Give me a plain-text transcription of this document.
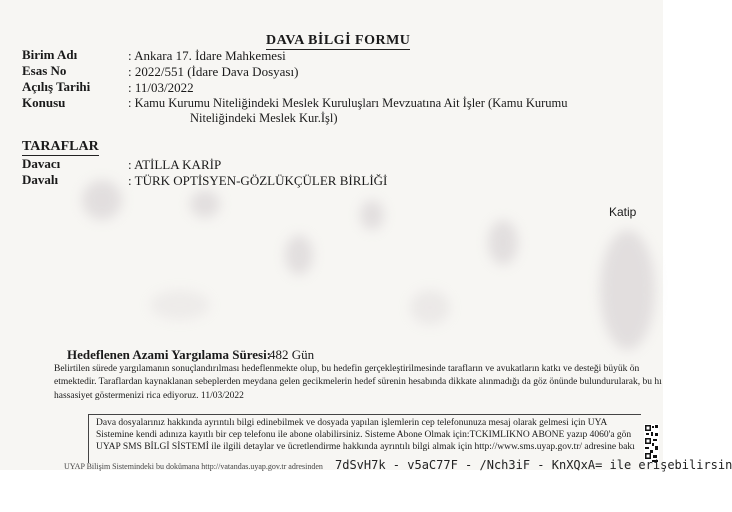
DAVA BİLGİ FORMU
Birim Adı	: Ankara 17. İdare Mahkemesi
Esas No	: 2022/551 (İdare Dava Dosyası)
Açılış Tarihi	: 11/03/2022
Konusu	: Kamu Kurumu Niteliğindeki Meslek Kuruluşları Mevzuatına Ait İşler (Kamu Kurumu
Niteliğindeki Meslek Kur.İşl)
TARAFLAR
Davacı	: ATİLLA KARİP
Davalı	: TÜRK OPTİSYEN-GÖZLÜKÇÜLER BİRLİĞİ
Katip
Hedeflenen Azami Yargılama Süresi:
482 Gün
Belirtilen sürede yargılamanın sonuçlandırılması hedeflenmekte olup, bu hedefin gerçekleştirilmesinde tarafların ve avukatların katkı ve desteği büyük ön
etmektedir. Taraflardan kaynaklanan sebeplerden meydana gelen gecikmelerin hedef sürenin hesabında dikkate alınmadığı da göz önünde bulundurularak, bu hı
hassasiyet göstermenizi rica ediyoruz. 11/03/2022
Dava dosyalarınız hakkında ayrıntılı bilgi edinebilmek ve dosyada yapılan işlemlerin cep telefonunuza mesaj olarak gelmesi için UYA
Sistemine kendi adınıza kayıtlı bir cep telefonu ile abone olabilirsiniz. Sisteme Abone Olmak için:TCKIMLIKNO ABONE yazıp 4060'a gön
UYAP SMS BİLGİ SİSTEMİ ile ilgili detaylar ve ücretlendirme hakkında ayrıntılı bilgi almak için http://www.sms.uyap.gov.tr/ adresine bakı
UYAP Bilişim Sistemindeki bu dokümana http://vatandas.uyap.gov.tr adresinden 7dSvH7k - v5aC77F - /Nch3iF - KnXQxA= ile erişebilirsin
